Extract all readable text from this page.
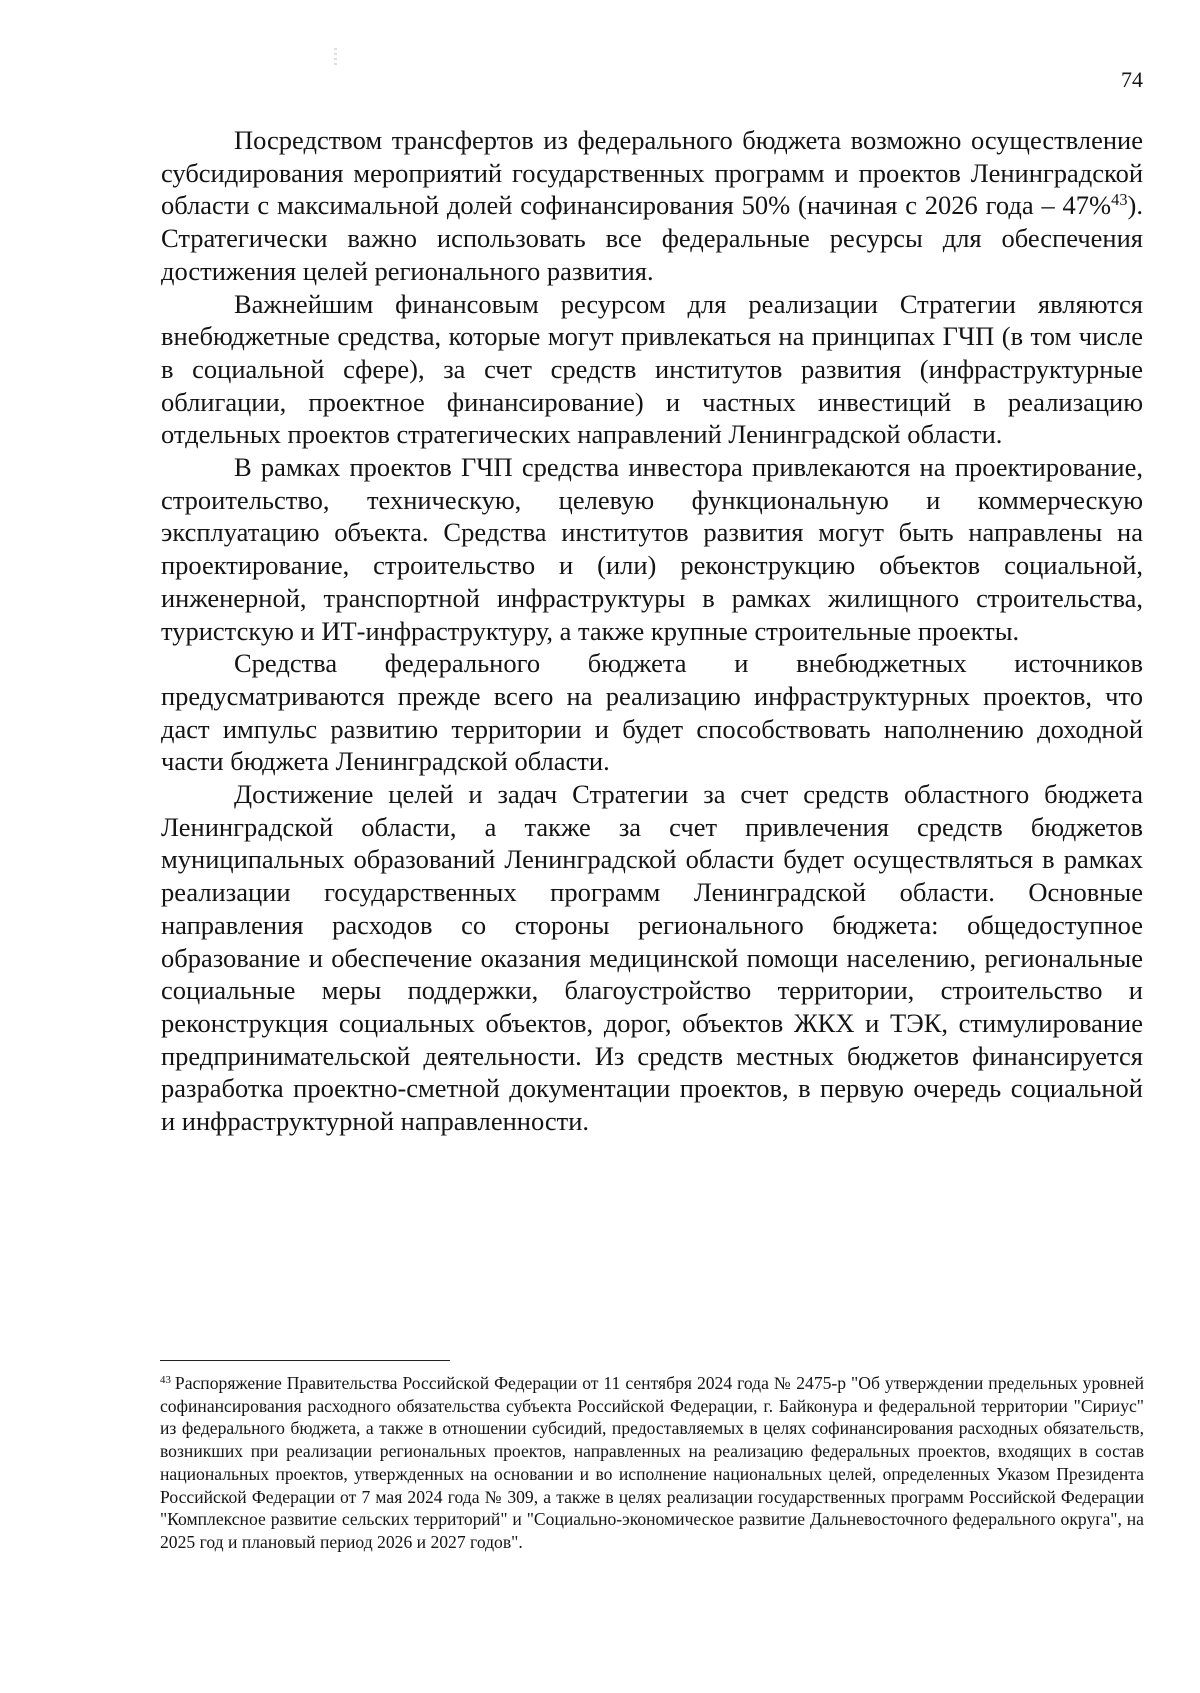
74

Посредством трансфертов из федерального бюджета возможно осуществление субсидирования мероприятий государственных программ и проектов Ленинградской области с максимальной долей софинансирования 50% (начиная с 2026 года – 47%$^{43}$). Стратегически важно использовать все федеральные ресурсы для обеспечения достижения целей регионального развития.

Важнейшим финансовым ресурсом для реализации Стратегии являются внебюджетные средства, которые могут привлекаться на принципах ГЧП (в том числе в социальной сфере), за счет средств институтов развития (инфраструктурные облигации, проектное финансирование) и частных инвестиций в реализацию отдельных проектов стратегических направлений Ленинградской области.

В рамках проектов ГЧП средства инвестора привлекаются на проектирование, строительство, техническую, целевую функциональную и коммерческую эксплуатацию объекта. Средства институтов развития могут быть направлены на проектирование, строительство и (или) реконструкцию объектов социальной, инженерной, транспортной инфраструктуры в рамках жилищного строительства, туристскую и ИТ-инфраструктуру, а также крупные строительные проекты.

Средства федерального бюджета и внебюджетных источников предусматриваются прежде всего на реализацию инфраструктурных проектов, что даст импульс развитию территории и будет способствовать наполнению доходной части бюджета Ленинградской области.

Достижение целей и задач Стратегии за счет средств областного бюджета Ленинградской области, а также за счет привлечения средств бюджетов муниципальных образований Ленинградской области будет осуществляться в рамках реализации государственных программ Ленинградской области. Основные направления расходов со стороны регионального бюджета: общедоступное образование и обеспечение оказания медицинской помощи населению, региональные социальные меры поддержки, благоустройство территории, строительство и реконструкция социальных объектов, дорог, объектов ЖКХ и ТЭК, стимулирование предпринимательской деятельности. Из средств местных бюджетов финансируется разработка проектно-сметной документации проектов, в первую очередь социальной и инфраструктурной направленности.

$^{43}$ Распоряжение Правительства Российской Федерации от 11 сентября 2024 года № 2475-р "Об утверждении предельных уровней софинансирования расходного обязательства субъекта Российской Федерации, г. Байконура и федеральной территории "Сириус" из федерального бюджета, а также в отношении субсидий, предоставляемых в целях софинансирования расходных обязательств, возникших при реализации региональных проектов, направленных на реализацию федеральных проектов, входящих в состав национальных проектов, утвержденных на основании и во исполнение национальных целей, определенных Указом Президента Российской Федерации от 7 мая 2024 года № 309, а также в целях реализации государственных программ Российской Федерации "Комплексное развитие сельских территорий" и "Социально-экономическое развитие Дальневосточного федерального округа", на 2025 год и плановый период 2026 и 2027 годов".
